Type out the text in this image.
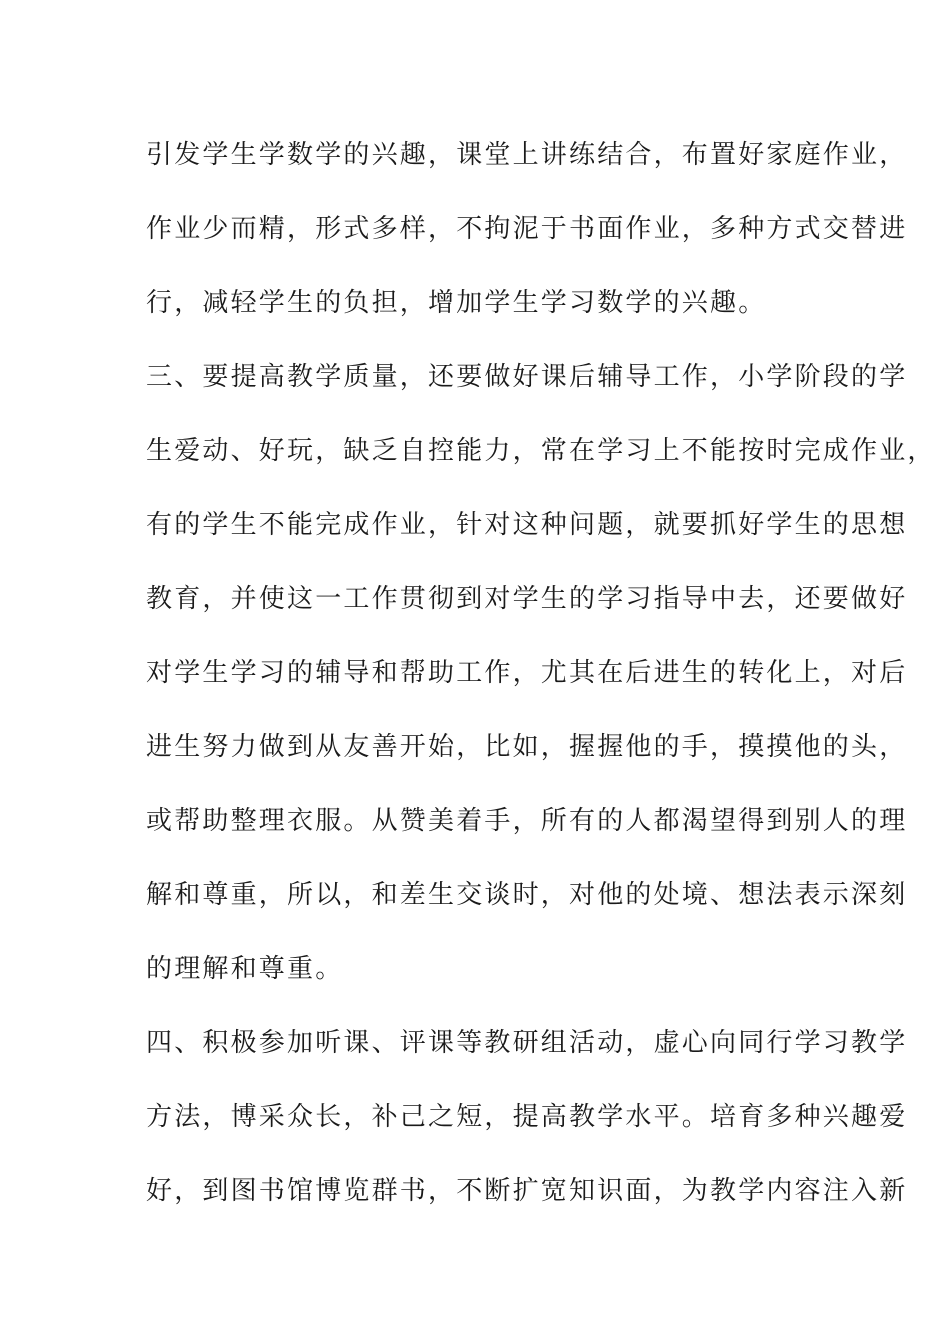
引发学生学数学的兴趣，课堂上讲练结合，布置好家庭作业，
作业少而精，形式多样，不拘泥于书面作业，多种方式交替进
行，减轻学生的负担，增加学生学习数学的兴趣。
三、要提高教学质量，还要做好课后辅导工作，小学阶段的学
生爱动、好玩，缺乏自控能力，常在学习上不能按时完成作业，
有的学生不能完成作业，针对这种问题，就要抓好学生的思想
教育，并使这一工作贯彻到对学生的学习指导中去，还要做好
对学生学习的辅导和帮助工作，尤其在后进生的转化上，对后
进生努力做到从友善开始，比如，握握他的手，摸摸他的头，
或帮助整理衣服。从赞美着手，所有的人都渴望得到别人的理
解和尊重，所以，和差生交谈时，对他的处境、想法表示深刻
的理解和尊重。
四、积极参加听课、评课等教研组活动，虚心向同行学习教学
方法，博采众长，补己之短，提高教学水平。培育多种兴趣爱
好，到图书馆博览群书，不断扩宽知识面，为教学内容注入新
